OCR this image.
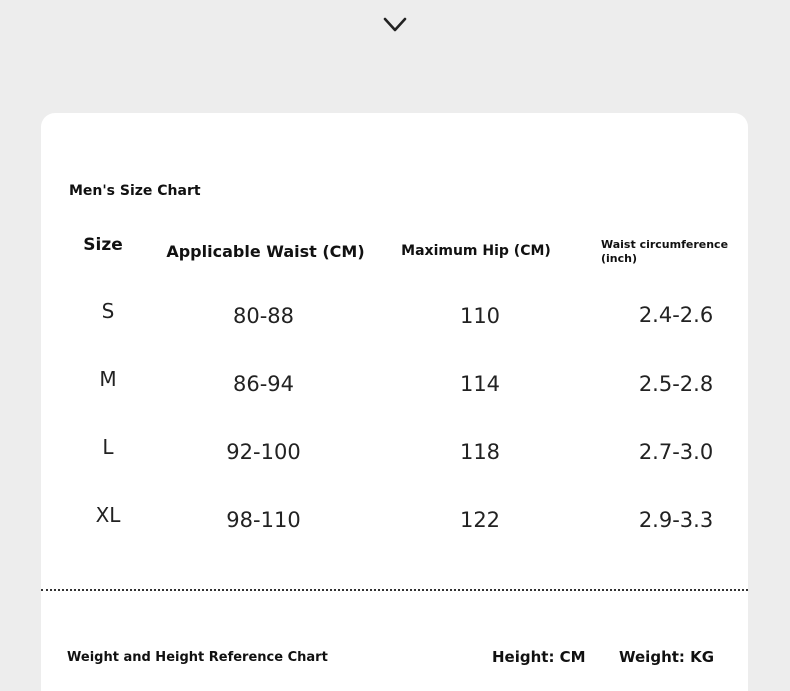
Men's Size Chart
Size	Applicable Waist (CM)	Maximum Hip (CM)	Waist circumference (inch)
S	80-88	110	2.4-2.6
M	86-94	114	2.5-2.8
L	92-100	118	2.7-3.0
XL	98-110	122	2.9-3.3
Weight and Height Reference Chart	Height: CM Weight: KG
